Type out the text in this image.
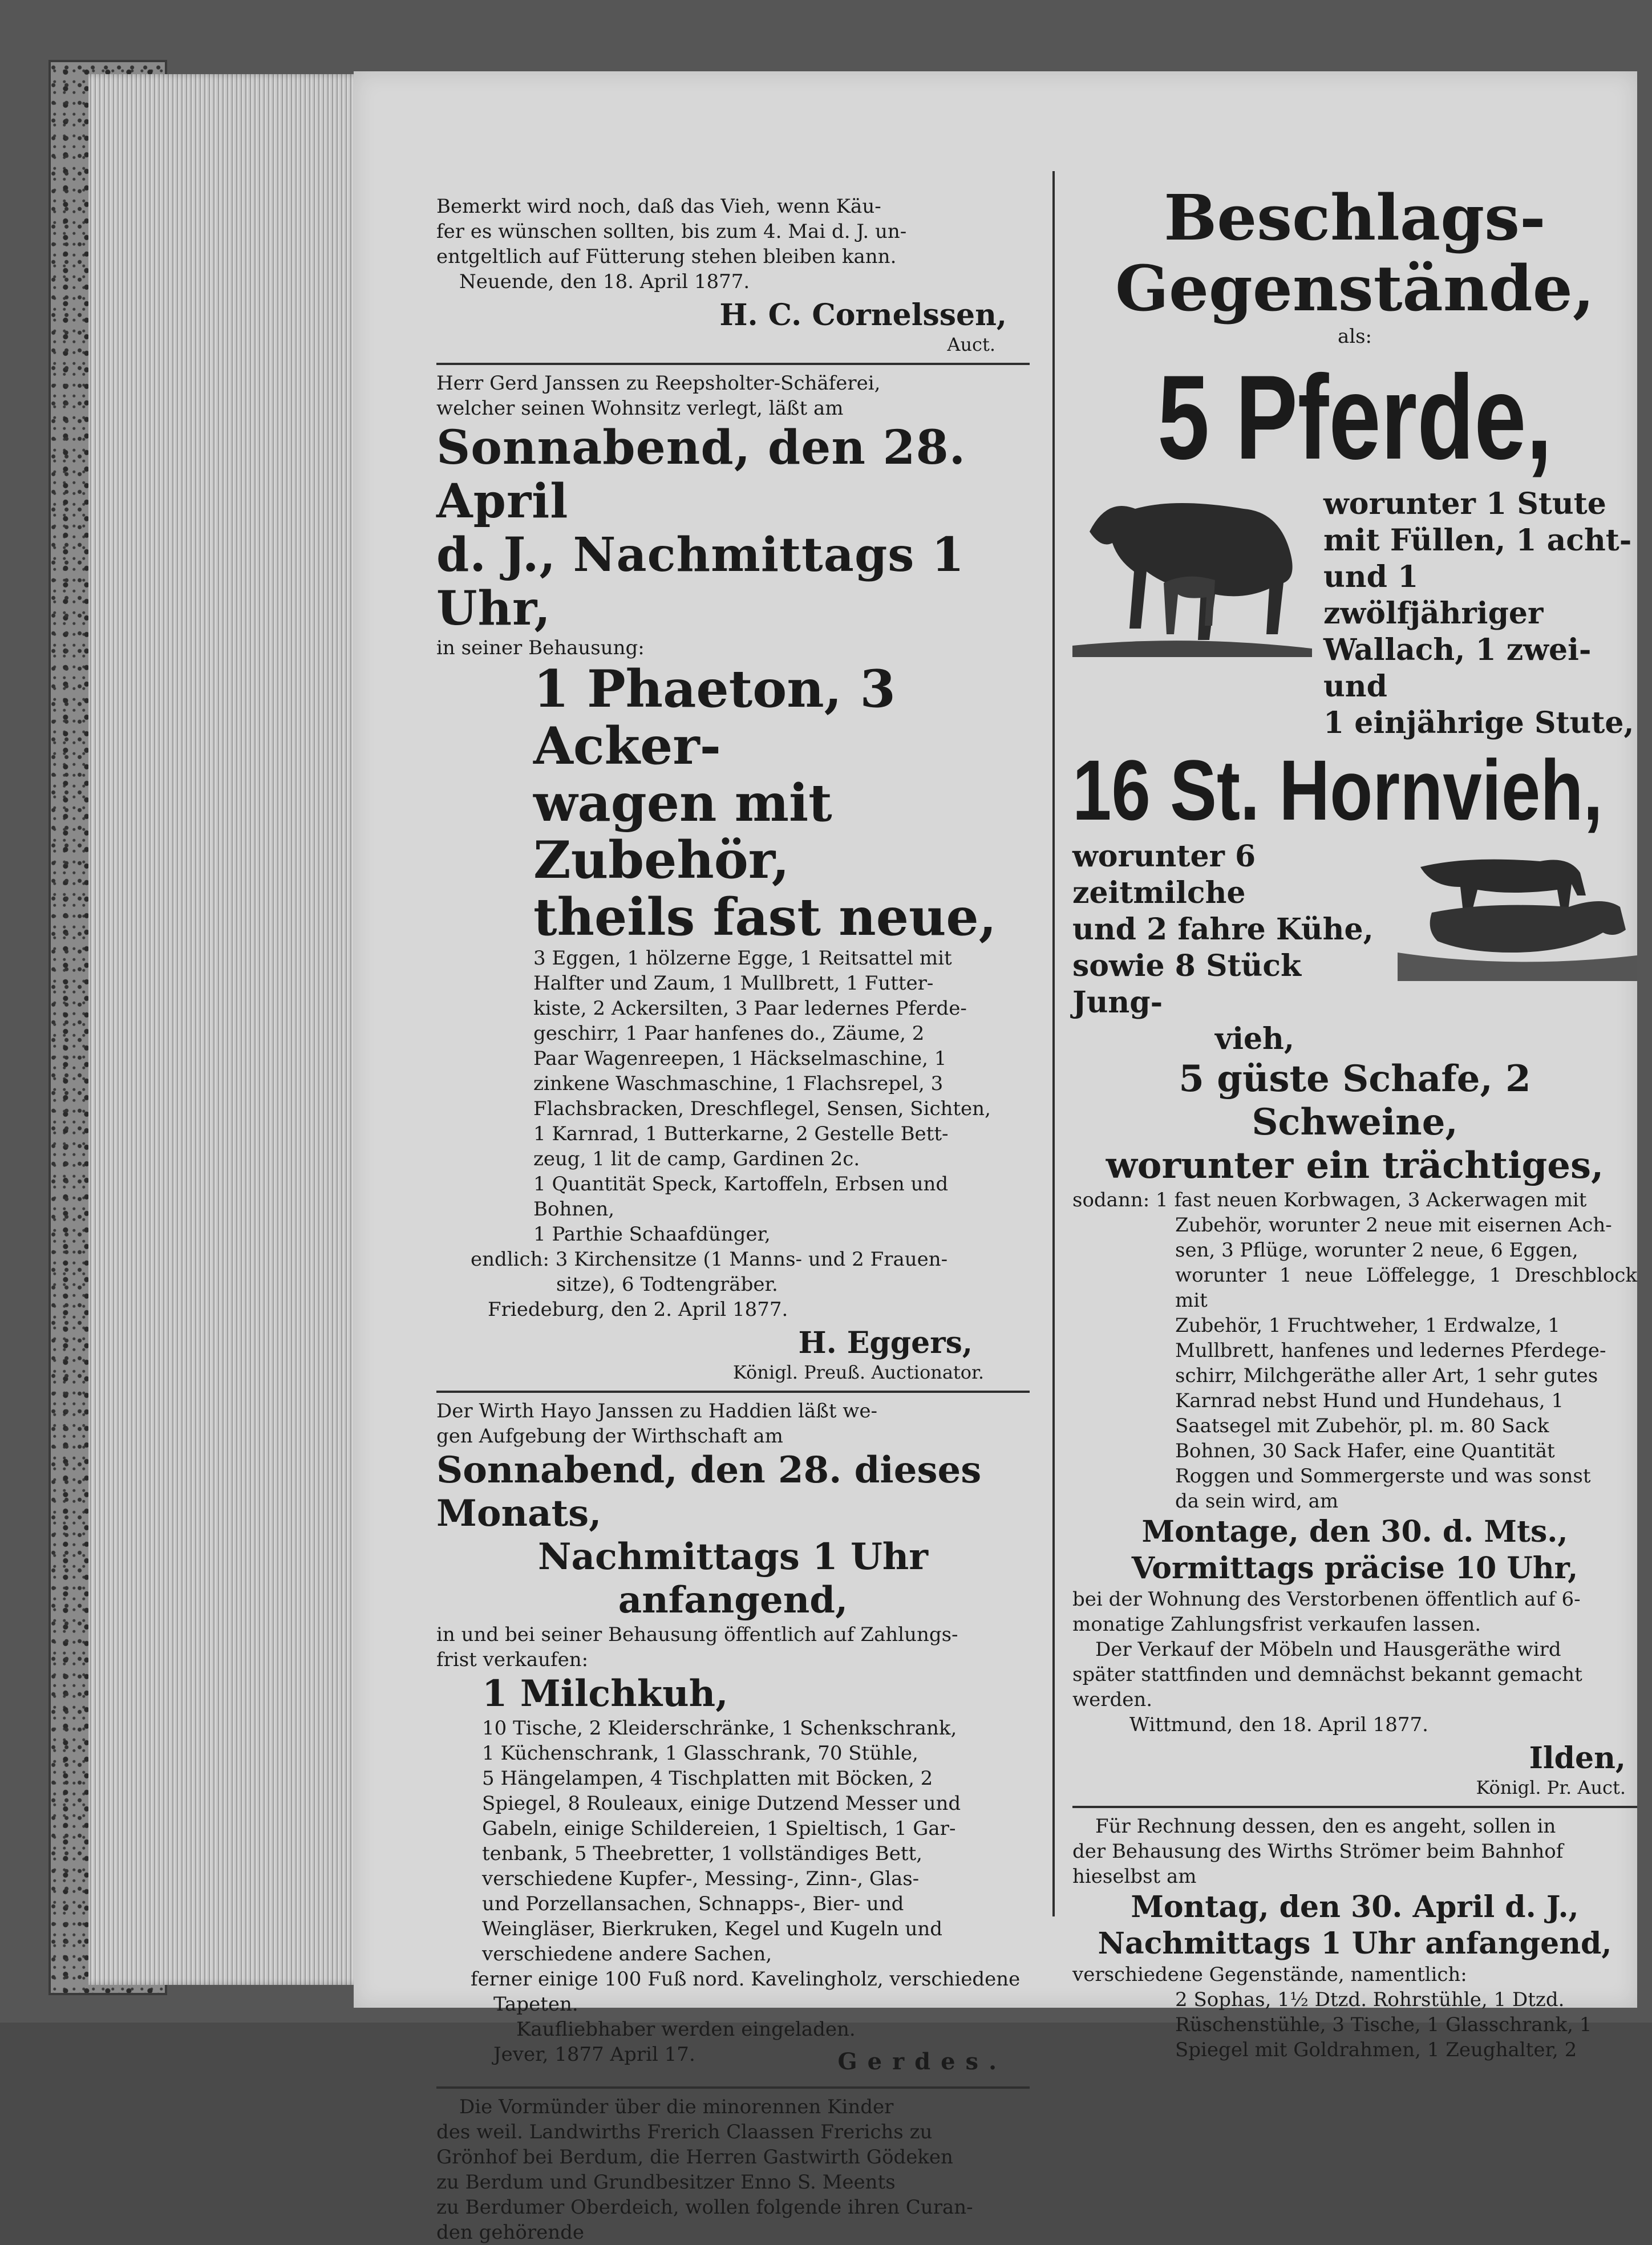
Bemerkt wird noch, daß das Vieh, wenn Käu-

fer es wünschen sollten, bis zum 4. Mai d. J. un-

entgeltlich auf Fütterung stehen bleiben kann.

Neuende, den 18. April 1877.

H. C. Cornelssen,

Auct.

Herr Gerd Janssen zu Reepsholter-Schäferei,

welcher seinen Wohnsitz verlegt, läßt am

Sonnabend, den 28. April

d. J., Nachmittags 1 Uhr,

in seiner Behausung:

1 Phaeton, 3 Acker-

wagen mit Zubehör,

theils fast neue,

3 Eggen, 1 hölzerne Egge, 1 Reitsattel mit

Halfter und Zaum, 1 Mullbrett, 1 Futter-

kiste, 2 Ackersilten, 3 Paar ledernes Pferde-

geschirr, 1 Paar hanfenes do., Zäume, 2

Paar Wagenreepen, 1 Häckselmaschine, 1

zinkene Waschmaschine, 1 Flachsrepel, 3

Flachsbracken, Dreschflegel, Sensen, Sichten,

1 Karnrad, 1 Butterkarne, 2 Gestelle Bett-

zeug, 1 lit de camp, Gardinen 2c.

1 Quantität Speck, Kartoffeln, Erbsen und

Bohnen,

1 Parthie Schaafdünger,

endlich: 3 Kirchensitze (1 Manns- und 2 Frauen-

sitze), 6 Todtengräber.

Friedeburg, den 2. April 1877.

H. Eggers,

Königl. Preuß. Auctionator.

Der Wirth Hayo Janssen zu Haddien läßt we-

gen Aufgebung der Wirthschaft am

Sonnabend, den 28. dieses Monats,

Nachmittags 1 Uhr anfangend,

in und bei seiner Behausung öffentlich auf Zahlungs-

frist verkaufen:

1 Milchkuh,

10 Tische, 2 Kleiderschränke, 1 Schenkschrank,

1 Küchenschrank, 1 Glasschrank, 70 Stühle,

5 Hängelampen, 4 Tischplatten mit Böcken, 2

Spiegel, 8 Rouleaux, einige Dutzend Messer und

Gabeln, einige Schildereien, 1 Spieltisch, 1 Gar-

tenbank, 5 Theebretter, 1 vollständiges Bett,

verschiedene Kupfer-, Messing-, Zinn-, Glas-

und Porzellansachen, Schnapps-, Bier- und

Weingläser, Bierkruken, Kegel und Kugeln und

verschiedene andere Sachen,

ferner einige 100 Fuß nord. Kavelingholz, verschiedene

Tapeten.

Kaufliebhaber werden eingeladen.

Jever, 1877 April 17.	Gerdes.

Die Vormünder über die minorennen Kinder

des weil. Landwirths Frerich Claassen Frerichs zu

Grönhof bei Berdum, die Herren Gastwirth Gödeken

zu Berdum und Grundbesitzer Enno S. Meents

zu Berdumer Oberdeich, wollen folgende ihren Curan-

den gehörende

Beschlags-

Gegenstände,

als:

5 Pferde,

worunter 1 Stute

mit Füllen, 1 acht-

und 1 zwölfjähriger

Wallach, 1 zwei- und

1 einjährige Stute,

16 St. Hornvieh,

worunter 6 zeitmilche

und 2 fahre Kühe,

sowie 8 Stück Jung-

vieh,

5 güste Schafe, 2 Schweine,

worunter ein trächtiges,

sodann: 1 fast neuen Korbwagen, 3 Ackerwagen mit

Zubehör, worunter 2 neue mit eisernen Ach-

sen, 3 Pflüge, worunter 2 neue, 6 Eggen,

worunter 1 neue Löffelegge, 1 Dreschblock mit

Zubehör, 1 Fruchtweher, 1 Erdwalze, 1

Mullbrett, hanfenes und ledernes Pferdege-

schirr, Milchgeräthe aller Art, 1 sehr gutes

Karnrad nebst Hund und Hundehaus, 1

Saatsegel mit Zubehör, pl. m. 80 Sack

Bohnen, 30 Sack Hafer, eine Quantität

Roggen und Sommergerste und was sonst

da sein wird, am

Montage, den 30. d. Mts.,

Vormittags präcise 10 Uhr,

bei der Wohnung des Verstorbenen öffentlich auf 6-

monatige Zahlungsfrist verkaufen lassen.

Der Verkauf der Möbeln und Hausgeräthe wird

später stattfinden und demnächst bekannt gemacht

werden.

Wittmund, den 18. April 1877.

Ilden,

Königl. Pr. Auct.

Für Rechnung dessen, den es angeht, sollen in

der Behausung des Wirths Strömer beim Bahnhof

hieselbst am

Montag, den 30. April d. J.,

Nachmittags 1 Uhr anfangend,

verschiedene Gegenstände, namentlich:

2 Sophas, 1½ Dtzd. Rohrstühle, 1 Dtzd.

Rüschenstühle, 3 Tische, 1 Glasschrank, 1

Spiegel mit Goldrahmen, 1 Zeughalter, 2
